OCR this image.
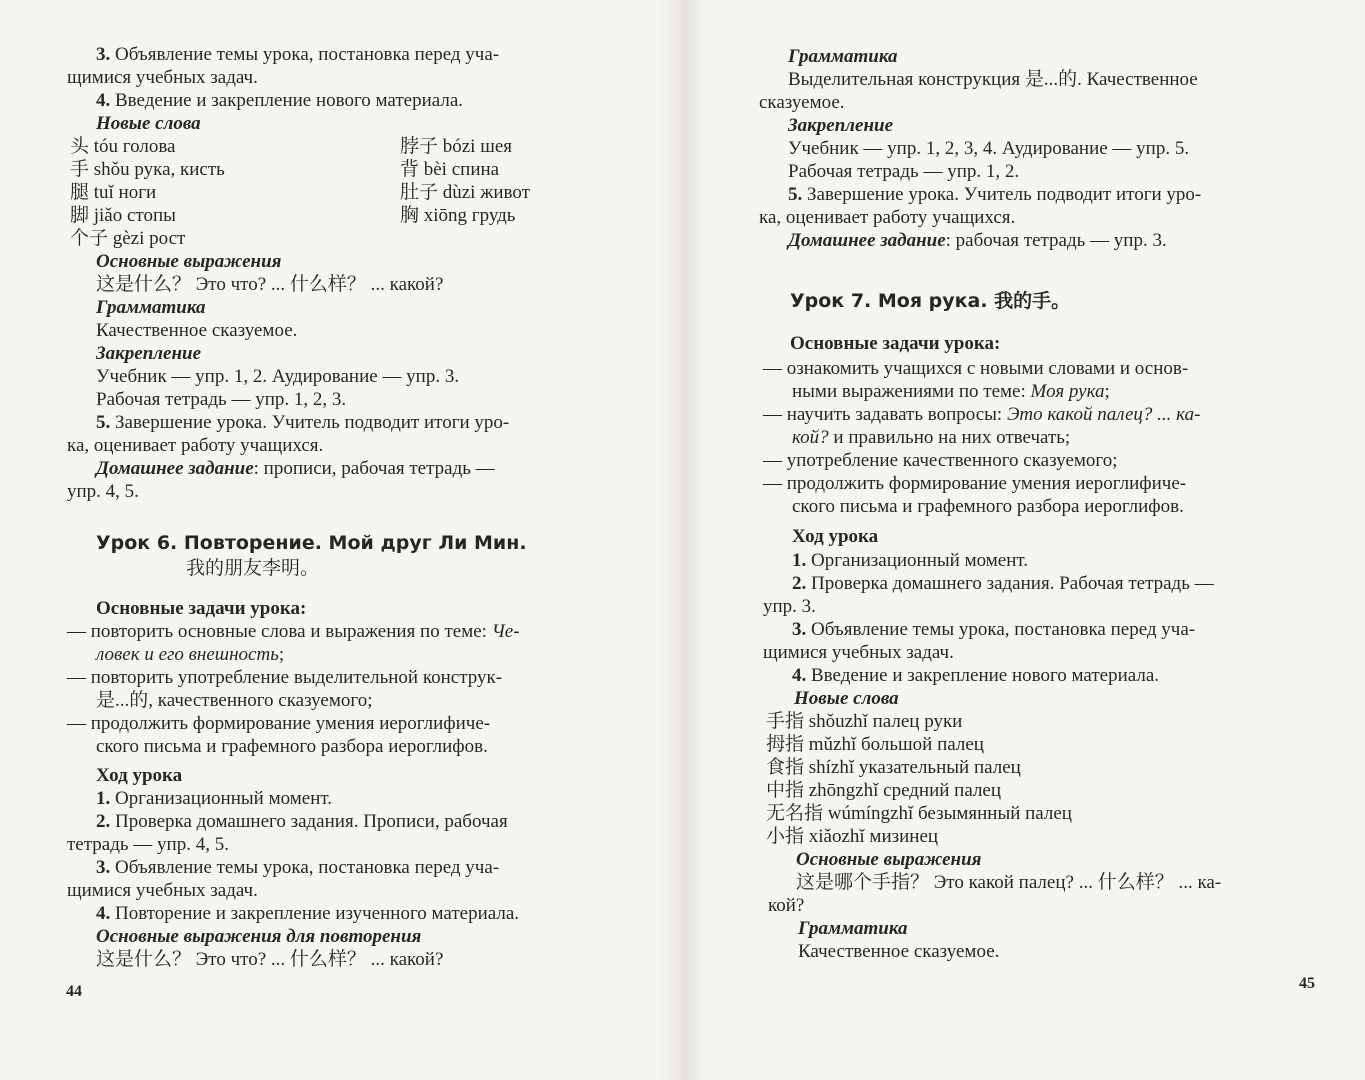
3. Объявление темы урока, постановка перед уча-
щимися учебных задач.
4. Введение и закрепление нового материала.
Новые слова
头 tóu голова
手 shǒu рука, кисть
腿 tuǐ ноги
脚 jiǎo стопы
个子 gèzi рост
脖子 bózi шея
背 bèi спина
肚子 dùzi живот
胸 xiōng грудь
Основные выражения
这是什么？ Это что? ... 什么样？ ... какой?
Грамматика
Качественное сказуемое.
Закрепление
Учебник — упр. 1, 2. Аудирование — упр. 3.
Рабочая тетрадь — упр. 1, 2, 3.
5. Завершение урока. Учитель подводит итоги уро-
ка, оценивает работу учащихся.
Домашнее задание: прописи, рабочая тетрадь —
упр. 4, 5.
Урок 6. Повторение. Мой друг Ли Мин.
我的朋友李明。
Основные задачи урока:
— повторить основные слова и выражения по теме: Че-
ловек и его внешность;
— повторить употребление выделительной конструк-
是...的, качественного сказуемого;
— продолжить формирование умения иероглифиче-
ского письма и графемного разбора иероглифов.
Ход урока
1. Организационный момент.
2. Проверка домашнего задания. Прописи, рабочая
тетрадь — упр. 4, 5.
3. Объявление темы урока, постановка перед уча-
щимися учебных задач.
4. Повторение и закрепление изученного материала.
Основные выражения для повторения
这是什么？ Это что? ... 什么样？ ... какой?
44
Грамматика
Выделительная конструкция 是...的. Качественное
сказуемое.
Закрепление
Учебник — упр. 1, 2, 3, 4. Аудирование — упр. 5.
Рабочая тетрадь — упр. 1, 2.
5. Завершение урока. Учитель подводит итоги уро-
ка, оценивает работу учащихся.
Домашнее задание: рабочая тетрадь — упр. 3.
Урок 7. Моя рука. 我的手。
Основные задачи урока:
— ознакомить учащихся с новыми словами и основ-
ными выражениями по теме: Моя рука;
— научить задавать вопросы: Это какой палец? ... ка-
кой? и правильно на них отвечать;
— употребление качественного сказуемого;
— продолжить формирование умения иероглифиче-
ского письма и графемного разбора иероглифов.
Ход урока
1. Организационный момент.
2. Проверка домашнего задания. Рабочая тетрадь —
упр. 3.
3. Объявление темы урока, постановка перед уча-
щимися учебных задач.
4. Введение и закрепление нового материала.
Новые слова
手指 shǒuzhǐ палец руки
拇指 mǔzhǐ большой палец
食指 shízhǐ указательный палец
中指 zhōngzhǐ средний палец
无名指 wúmíngzhǐ безымянный палец
小指 xiǎozhǐ мизинец
Основные выражения
这是哪个手指？ Это какой палец? ... 什么样？ ... ка-
кой?
Грамматика
Качественное сказуемое.
45
